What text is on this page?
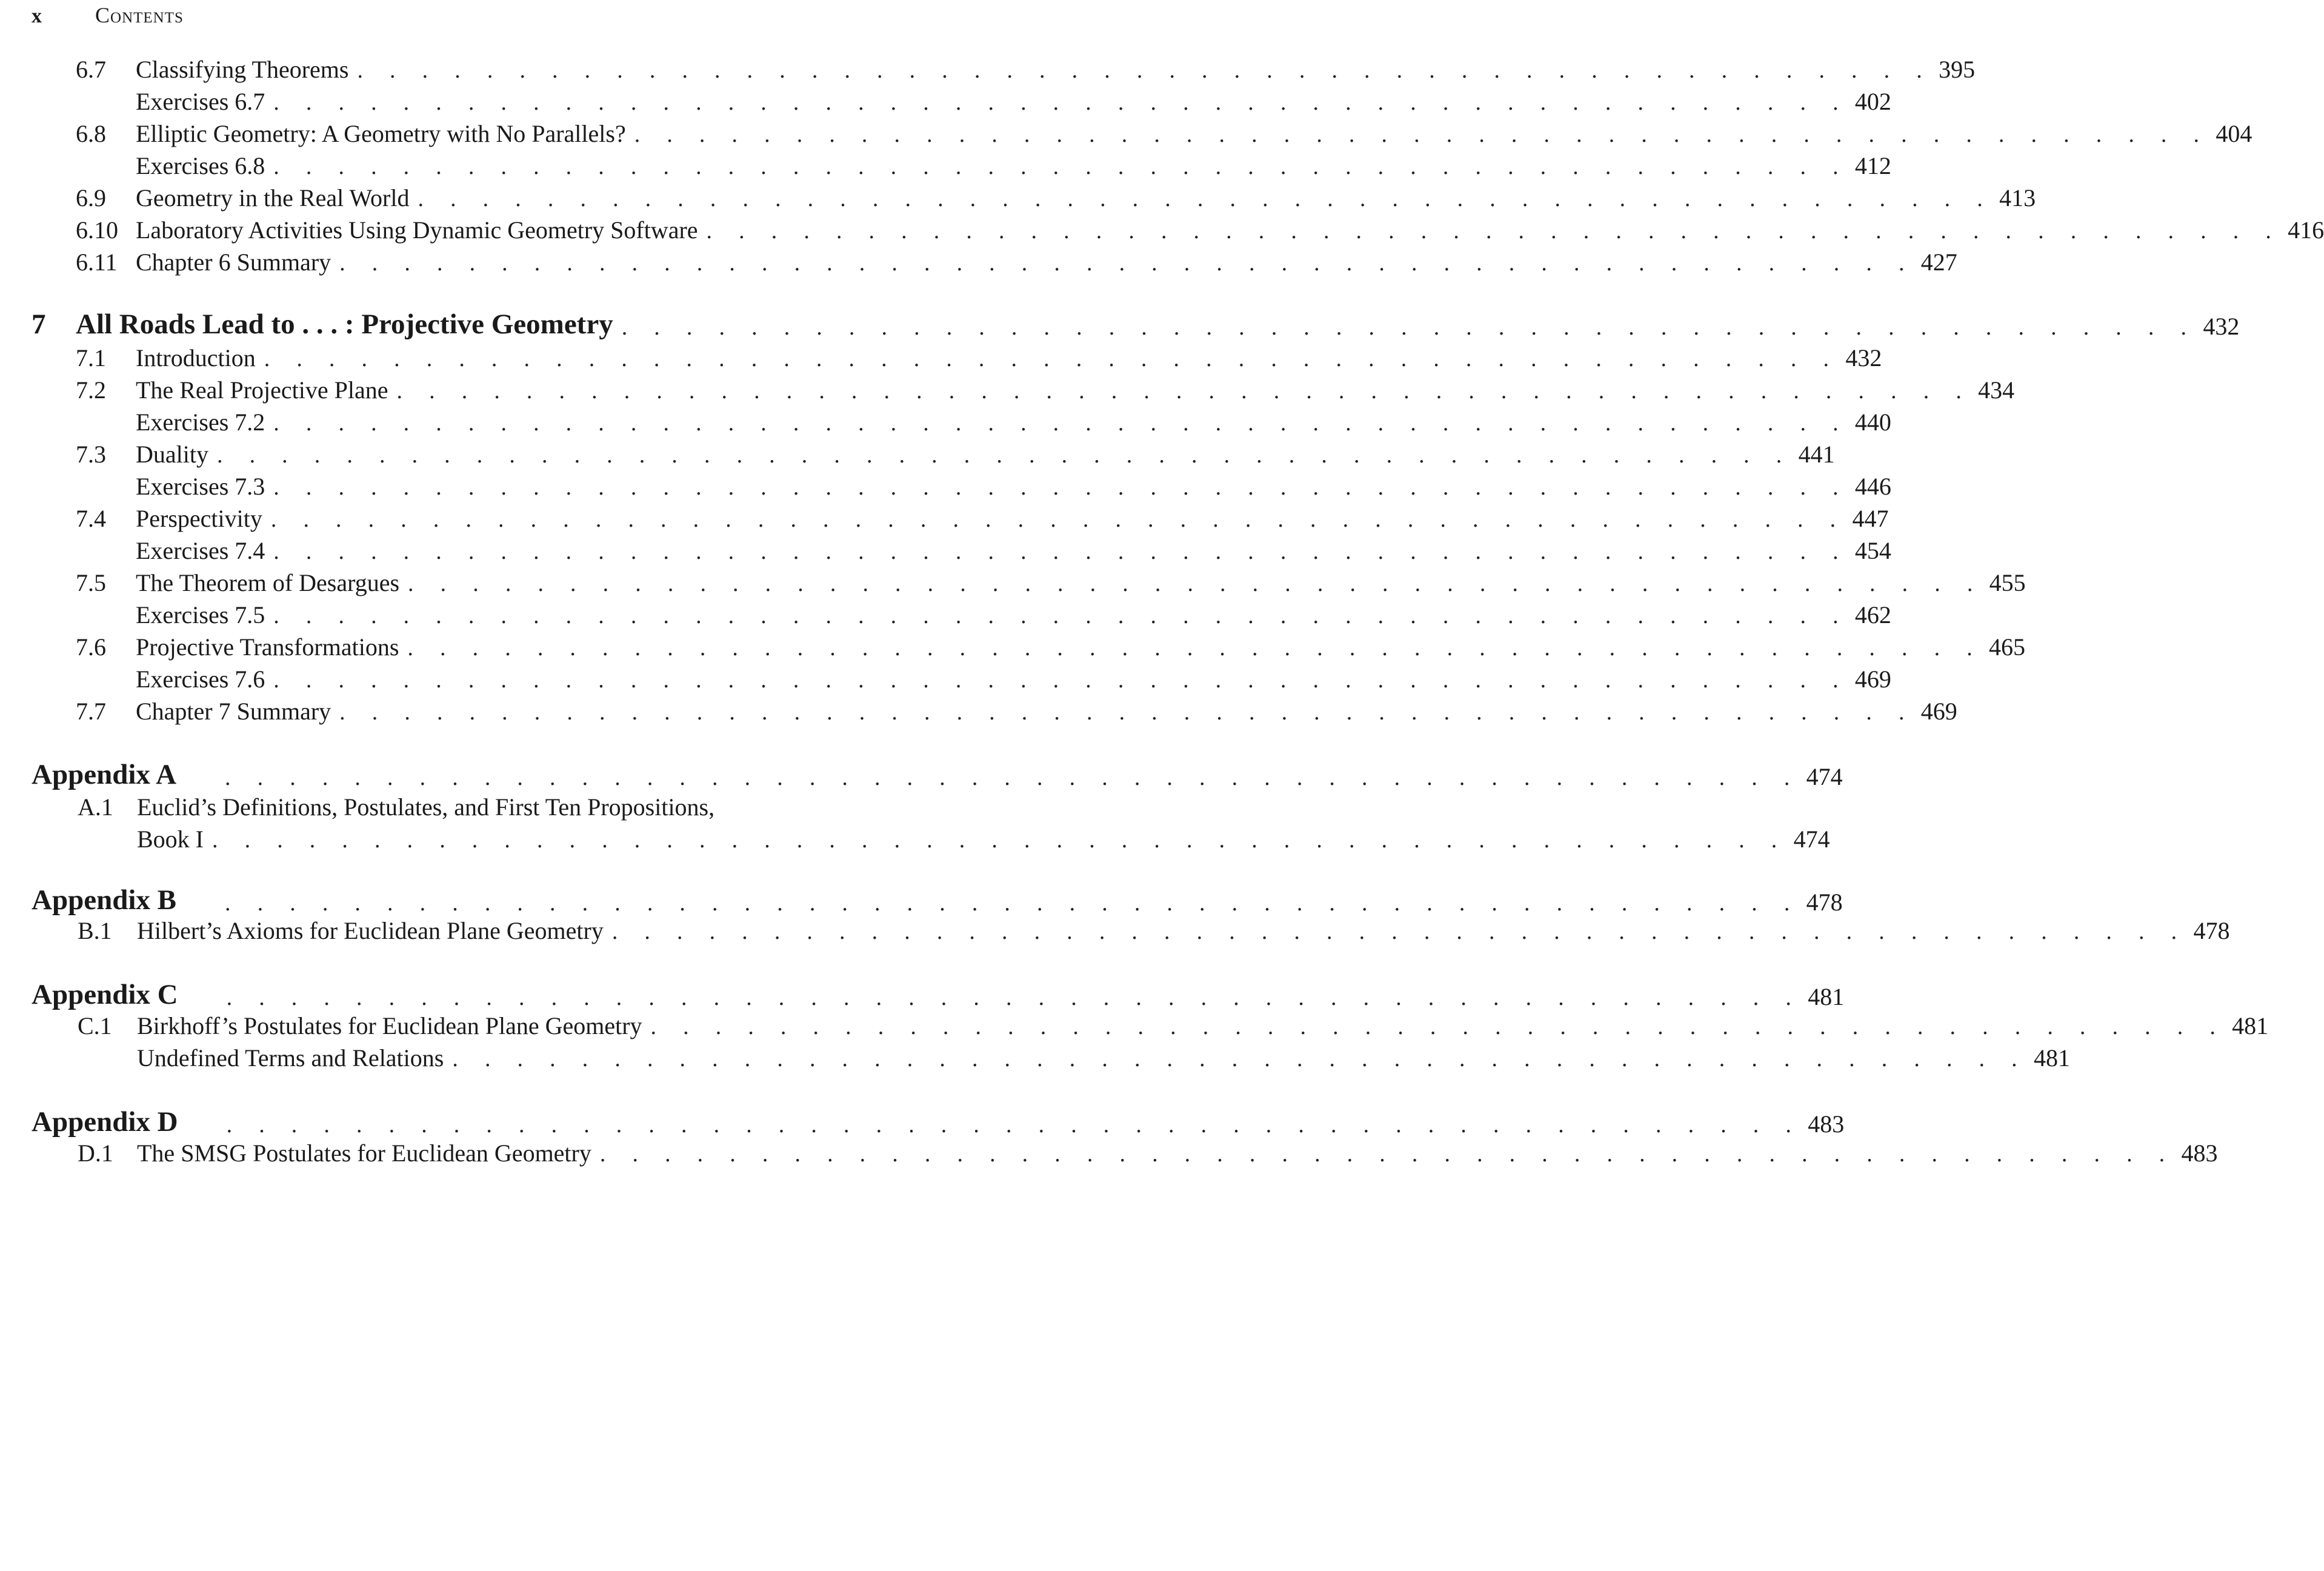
x	Contents
6.7 Classifying Theorems . . . . . . . . . . . . . . . . . . . . . . . . . . . . . . . . . . . . . . . . . . . . . . . . . 395
Exercises 6.7 . . . . . . . . . . . . . . . . . . . . . . . . . . . . . . . . . . . . . . . . . . . . . . . . . 402
6.8 Elliptic Geometry: A Geometry with No Parallels? . . . . . . . . . . . . . . . . . . . . . . . . . . . . . . . . . . . . . . . . . . . . . . . . . 404
Exercises 6.8 . . . . . . . . . . . . . . . . . . . . . . . . . . . . . . . . . . . . . . . . . . . . . . . . . 412
6.9 Geometry in the Real World . . . . . . . . . . . . . . . . . . . . . . . . . . . . . . . . . . . . . . . . . . . . . . . . . 413
6.10 Laboratory Activities Using Dynamic Geometry Software . . . . . . . . . . . . . . . . . . . . . . . . . . . . . . . . . . . . . . . . . . . . . . . . . 416
6.11 Chapter 6 Summary . . . . . . . . . . . . . . . . . . . . . . . . . . . . . . . . . . . . . . . . . . . . . . . . . 427
7 All Roads Lead to . . . : Projective Geometry . . . . . . . . . . . . . . . . . . . . . . . . . . . . . . . . . . . . . . . . . . . . . . . . . 432
7.1 Introduction . . . . . . . . . . . . . . . . . . . . . . . . . . . . . . . . . . . . . . . . . . . . . . . . . 432
7.2 The Real Projective Plane . . . . . . . . . . . . . . . . . . . . . . . . . . . . . . . . . . . . . . . . . . . . . . . . . 434
Exercises 7.2 . . . . . . . . . . . . . . . . . . . . . . . . . . . . . . . . . . . . . . . . . . . . . . . . . 440
7.3 Duality . . . . . . . . . . . . . . . . . . . . . . . . . . . . . . . . . . . . . . . . . . . . . . . . . 441
Exercises 7.3 . . . . . . . . . . . . . . . . . . . . . . . . . . . . . . . . . . . . . . . . . . . . . . . . . 446
7.4 Perspectivity . . . . . . . . . . . . . . . . . . . . . . . . . . . . . . . . . . . . . . . . . . . . . . . . . 447
Exercises 7.4 . . . . . . . . . . . . . . . . . . . . . . . . . . . . . . . . . . . . . . . . . . . . . . . . . 454
7.5 The Theorem of Desargues . . . . . . . . . . . . . . . . . . . . . . . . . . . . . . . . . . . . . . . . . . . . . . . . . 455
Exercises 7.5 . . . . . . . . . . . . . . . . . . . . . . . . . . . . . . . . . . . . . . . . . . . . . . . . . 462
7.6 Projective Transformations . . . . . . . . . . . . . . . . . . . . . . . . . . . . . . . . . . . . . . . . . . . . . . . . . 465
Exercises 7.6 . . . . . . . . . . . . . . . . . . . . . . . . . . . . . . . . . . . . . . . . . . . . . . . . . 469
7.7 Chapter 7 Summary . . . . . . . . . . . . . . . . . . . . . . . . . . . . . . . . . . . . . . . . . . . . . . . . . 469
Appendix A	. . . . . . . . . . . . . . . . . . . . . . . . . . . . . . . . . . . . . . . . . . . . . . . . . 474
A.1 Euclid’s Definitions, Postulates, and First Ten Propositions,
Book I . . . . . . . . . . . . . . . . . . . . . . . . . . . . . . . . . . . . . . . . . . . . . . . . . 474
Appendix B	. . . . . . . . . . . . . . . . . . . . . . . . . . . . . . . . . . . . . . . . . . . . . . . . . 478
B.1 Hilbert’s Axioms for Euclidean Plane Geometry . . . . . . . . . . . . . . . . . . . . . . . . . . . . . . . . . . . . . . . . . . . . . . . . . 478
Appendix C	. . . . . . . . . . . . . . . . . . . . . . . . . . . . . . . . . . . . . . . . . . . . . . . . . 481
C.1 Birkhoff’s Postulates for Euclidean Plane Geometry . . . . . . . . . . . . . . . . . . . . . . . . . . . . . . . . . . . . . . . . . . . . . . . . . 481
Undefined Terms and Relations . . . . . . . . . . . . . . . . . . . . . . . . . . . . . . . . . . . . . . . . . . . . . . . . . 481
Appendix D	. . . . . . . . . . . . . . . . . . . . . . . . . . . . . . . . . . . . . . . . . . . . . . . . . 483
D.1 The SMSG Postulates for Euclidean Geometry . . . . . . . . . . . . . . . . . . . . . . . . . . . . . . . . . . . . . . . . . . . . . . . . . 483
